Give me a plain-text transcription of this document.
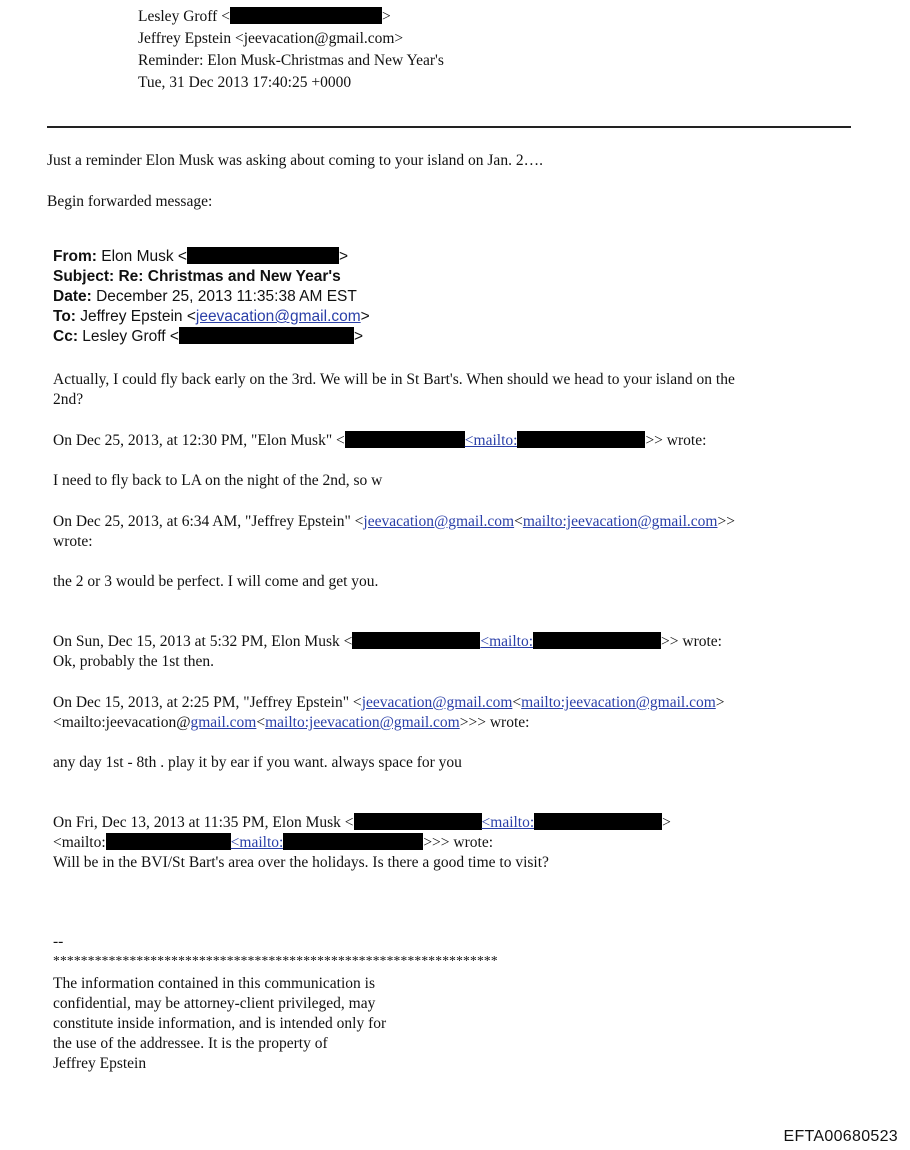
Lesley Groff <	>
Jeffrey Epstein <jeevacation@gmail.com>
Reminder: Elon Musk-Christmas and New Year's
Tue, 31 Dec 2013 17:40:25 +0000
Just a reminder Elon Musk was asking about coming to your island on Jan. 2….
Begin forwarded message:
From: Elon Musk <	>
Subject: Re: Christmas and New Year's
Date: December 25, 2013 11:35:38 AM EST
To: Jeffrey Epstein <jeevacation@gmail.com>
Cc: Lesley Groff <	>
Actually, I could fly back early on the 3rd. We will be in St Bart's. When should we head to your island on the
2nd?
On Dec 25, 2013, at 12:30 PM, "Elon Musk" <	<mailto:	>> wrote:
I need to fly back to LA on the night of the 2nd, so w
On Dec 25, 2013, at 6:34 AM, "Jeffrey Epstein" <jeevacation@gmail.com<mailto:jeevacation@gmail.com>>
wrote:
the 2 or 3 would be perfect. I will come and get you.
On Sun, Dec 15, 2013 at 5:32 PM, Elon Musk <	<mailto:	>> wrote:
Ok, probably the 1st then.
On Dec 15, 2013, at 2:25 PM, "Jeffrey Epstein" <jeevacation@gmail.com<mailto:jeevacation@gmail.com>
<mailto:jeevacation@gmail.com<mailto:jeevacation@gmail.com>>> wrote:
any day 1st - 8th . play it by ear if you want. always space for you
On Fri, Dec 13, 2013 at 11:35 PM, Elon Musk <	<mailto:	>
<mailto:	<mailto:	>>> wrote:
Will be in the BVI/St Bart's area over the holidays. Is there a good time to visit?
--
****************************************************************
The information contained in this communication is
confidential, may be attorney-client privileged, may
constitute inside information, and is intended only for
the use of the addressee. It is the property of
Jeffrey Epstein
EFTA00680523
